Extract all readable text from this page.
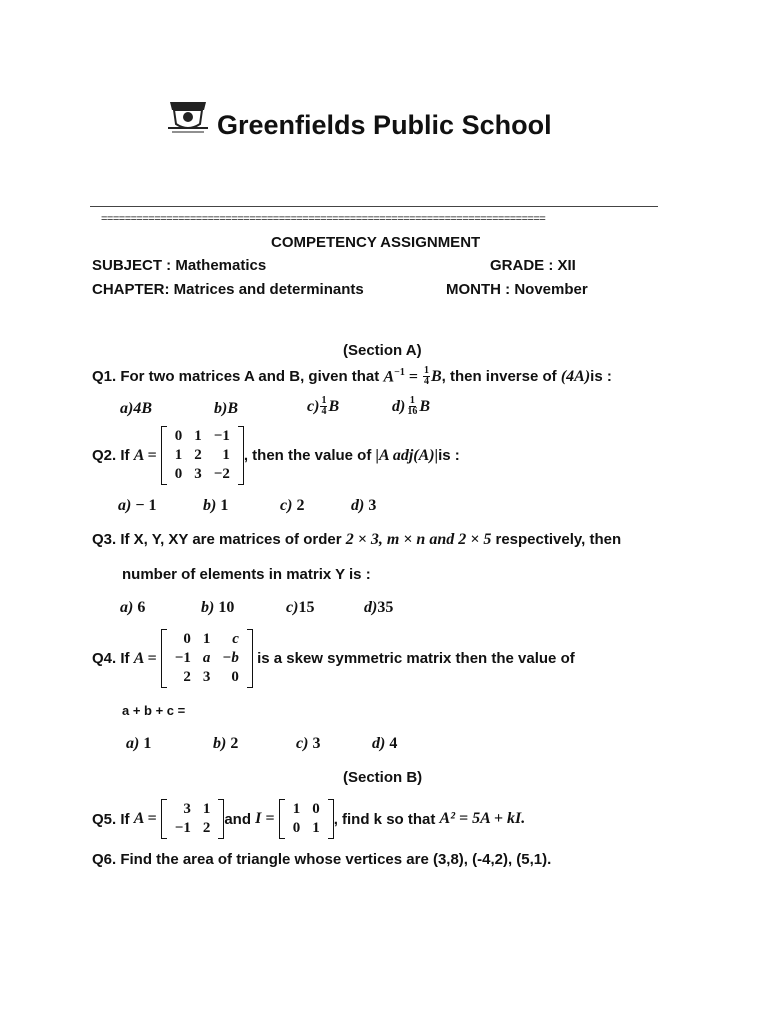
Greenfields Public School
===========================================================================
COMPETENCY ASSIGNMENT
SUBJECT : Mathematics	GRADE : XII
CHAPTER: Matrices and determinants	MONTH : November
(Section A)
Q1. For two matrices A and B, given that
$A^{-1} = \frac{1}{4}$ B , then inverse of
(4A) is :
a)4B	b)B	$c) \frac{1}{4}$ B	$d) \frac{1}{16}$ B
Q2. If
A =

0	1	−1
1	2	1
0	3	−2
, then the value of
|A adj(A)| is :
a) − 1	b) 1	c) 2	d) 3
Q3. If X, Y, XY are matrices of order 2 × 3, m × n and 2 × 5 respectively, then
number of elements in matrix Y is :
a) 6	b) 10	c)15	d)35
Q4. If
A =

0	1	c
−1	a	−b
2	3	0

is a skew symmetric matrix then the value of
a + b + c =
a) 1	b) 2	c) 3	d) 4
(Section B)
Q5. If
A =

3	1
−1	2
and
I =

1	0
0	1
, find k so that
A² = 5A + kI.
Q6. Find the area of triangle whose vertices are (3,8), (-4,2), (5,1).
